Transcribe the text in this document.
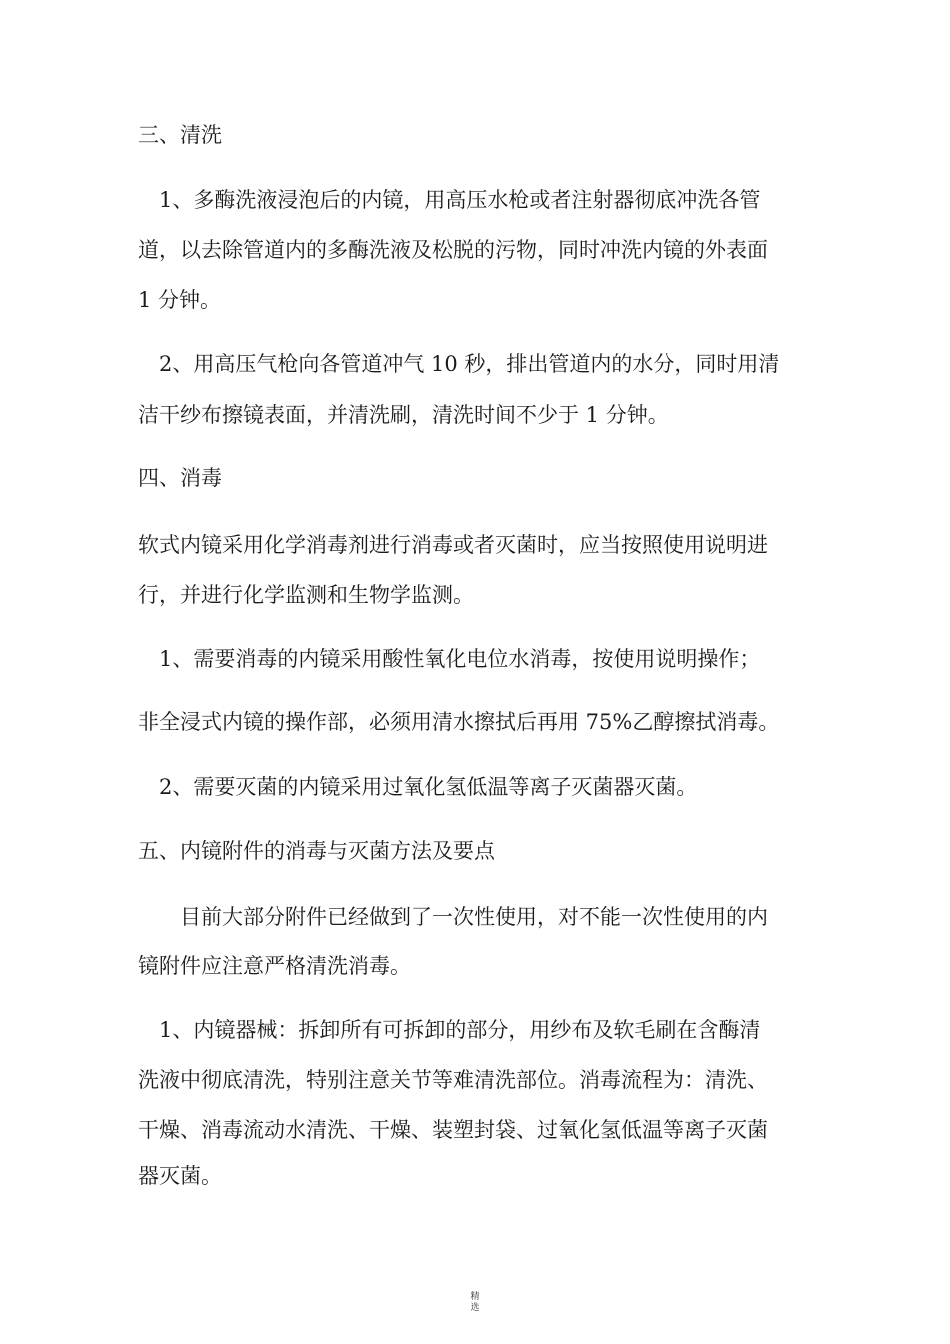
三、清洗

　1、多酶洗液浸泡后的内镜，用高压水枪或者注射器彻底冲洗各管

道，以去除管道内的多酶洗液及松脱的污物，同时冲洗内镜的外表面

1 分钟。

　2、用高压气枪向各管道冲气 10 秒，排出管道内的水分，同时用清

洁干纱布擦镜表面，并清洗刷，清洗时间不少于 1 分钟。

四、消毒

软式内镜采用化学消毒剂进行消毒或者灭菌时，应当按照使用说明进

行，并进行化学监测和生物学监测。

　1、需要消毒的内镜采用酸性氧化电位水消毒，按使用说明操作；

非全浸式内镜的操作部，必须用清水擦拭后再用 75%乙醇擦拭消毒。

　2、需要灭菌的内镜采用过氧化氢低温等离子灭菌器灭菌。

五、内镜附件的消毒与灭菌方法及要点

　　目前大部分附件已经做到了一次性使用，对不能一次性使用的内

镜附件应注意严格清洗消毒。

　1、内镜器械：拆卸所有可拆卸的部分，用纱布及软毛刷在含酶清

洗液中彻底清洗，特别注意关节等难清洗部位。消毒流程为：清洗、

干燥、消毒流动水清洗、干燥、装塑封袋、过氧化氢低温等离子灭菌

器灭菌。

精
选
